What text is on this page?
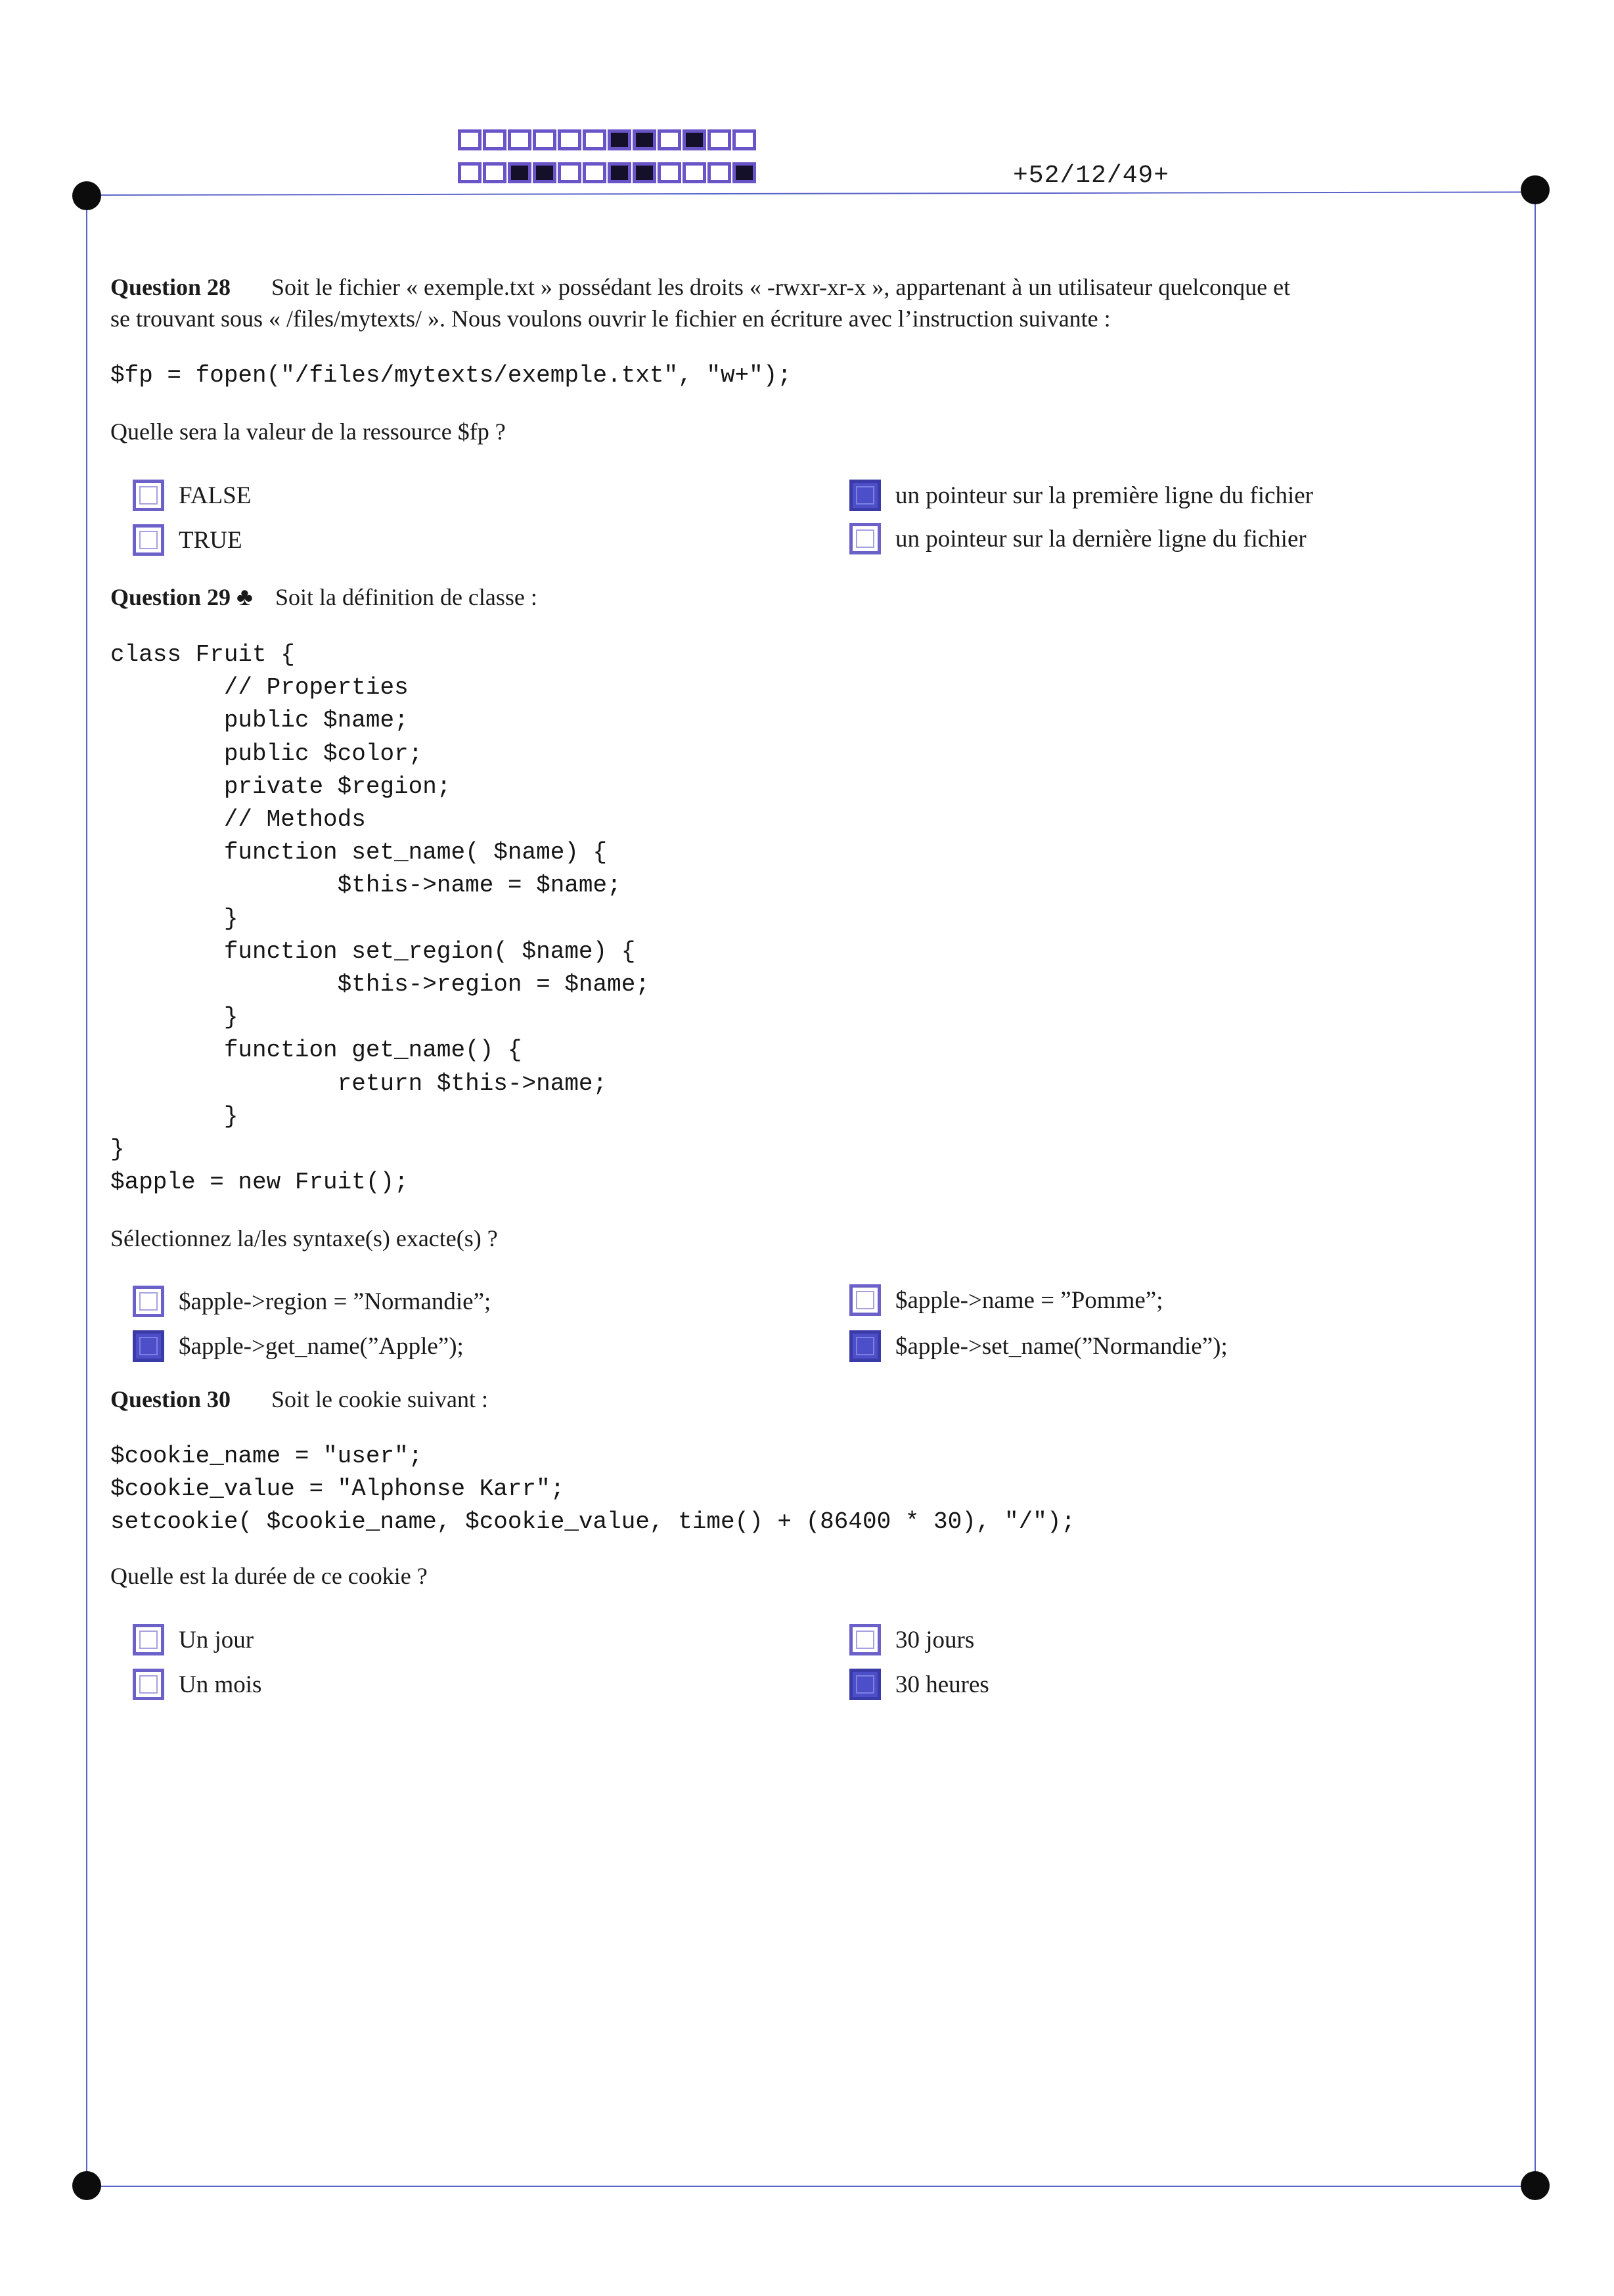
+52/12/49+
Question 28 Soit le fichier « exemple.txt » possédant les droits « -rwxr-xr-x », appartenant à un utilisateur quelconque et
se trouvant sous « /files/mytexts/ ». Nous voulons ouvrir le fichier en écriture avec l’instruction suivante :
$fp = fopen("/files/mytexts/exemple.txt", "w+");
Quelle sera la valeur de la ressource $fp ?
FALSE
TRUE
un pointeur sur la première ligne du fichier
un pointeur sur la dernière ligne du fichier
Question 29 ♣ Soit la définition de classe :
class Fruit {
// Properties
public $name;
public $color;
private $region;
// Methods
function set_name( $name) {
$this->name = $name;
}
function set_region( $name) {
$this->region = $name;
}
function get_name() {
return $this->name;
}
}
$apple = new Fruit();
Sélectionnez la/les syntaxe(s) exacte(s) ?
$apple->region = ”Normandie”;
$apple->get_name(”Apple”);
$apple->name = ”Pomme”;
$apple->set_name(”Normandie”);
Question 30 Soit le cookie suivant :
$cookie_name = "user";
$cookie_value = "Alphonse Karr";
setcookie( $cookie_name, $cookie_value, time() + (86400 * 30), "/");
Quelle est la durée de ce cookie ?
Un jour
Un mois
30 jours
30 heures
